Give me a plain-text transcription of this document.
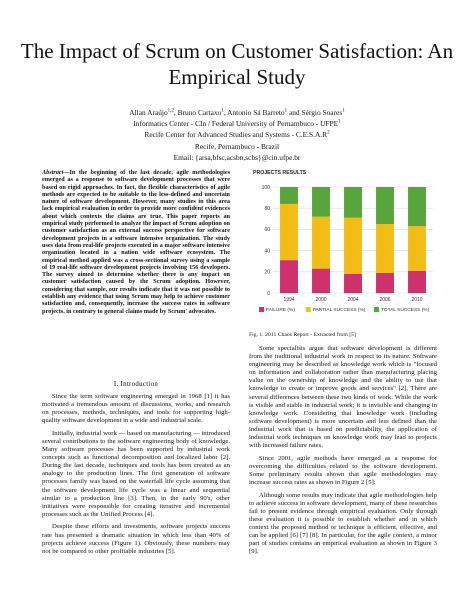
The Impact of Scrum on Customer Satisfaction: An Empirical Study
Allan Araújo$^{1,2}$, Bruno Cartaxo$^1$, Antonio Sá Barreto$^1$ and Sérgio Soares$^1$
Informatics Center - CIn / Federal University of Pernambuco - UFPE$^1$
Recife Center for Advanced Studies and Systems - $C.E.S.A.R^2$
Recife, Pernambuco - Brazil
Email: {arsa,bfsc,acsbn,scbs}@cin.ufpe.br
Abstract—In the beginning of the last decade, agile methodologies emerged as a response to software development processes that were based on rigid approaches. In fact, the flexible characteristics of agile methods are expected to be suitable to the less-defined and uncertain nature of software development. However, many studies in this area lack empirical evaluation in order to provide more confident evidences about which contexts the claims are true. This paper reports an empirical study performed to analyze the impact of Scrum adoption on customer satisfaction as an external success perspective for software development projects in a software intensive organization. The study uses data from real-life projects executed in a major software intensive organization located in a nation wide software ecosystem. The empirical method applied was a cross-sectional survey using a sample of 19 real-life software development projects involving 156 developers. The survey aimed to determine whether there is any impact on customer satisfaction caused by the Scrum adoption. However, considering that sample, our results indicate that it was not possible to establish any evidence that using Scrum may help to achieve customer satisfaction and, consequently, increase the success rates in software projects, in contrary to general claims made by Scrum' advocates.
I. Introduction

Since the term software engineering emerged in 1968 [1] it has motivated a tremendous amount of discussions, works, and research on processes, methods, techniques, and tools for supporting high-quality software development in a wide and industrial scale.

Initially, industrial work — based on manufacturing — introduced several contributions to the software engineering body of knowledge. Many software processes has been supported by industrial work concepts such as functional decomposition and localized labor [2]. During the last decade, techniques and tools has been created as an analogy to the production lines. The first generation of software processes family was based on the waterfall life cycle assuming that the software development life cycle was a linear and sequential similar to a production line [3]. Then, in the early 90's, other initiatives were responsible for creating iterative and incremental processes such as the Unified Process [4].

Despite these efforts and investments, software projects success rate has presented a dramatic situation in which less than 40% of projects achieve success (Figure 1). Obviously, these numbers may not be compared to other profitable industries [5].

PROJECTS RESULTS
0
20
40
60
80
100
1994	2000	2004	2006	2010
FAILURE (%)	PARTIAL SUCCESS (%)	TOTAL SUCCESS (%)
Fig. 1. 2011 Chaos Report - Extracted from [5]

Some specialists argue that software development is different from the traditional industrial work in respect to its nature. Software engineering may be described as knowledge work which is "focused on information and collaboration rather than manufacturing placing value on the ownership of knowledge and the ability to use that knowledge to create or improve goods and services" [2]. There are several differences between these two kinds of work. While the work is visible and stable in industrial work; it is invisible and changing in knowledge work. Considering that knowledge work (including software development) is more uncertain and less defined than the industrial work that is based on predictability, the application of industrial work techniques on knowledge work may lead to projects with increased failure rates.

Since 2001, agile methods have emerged as a response for overcoming the difficulties related to the software development. Some preliminary results shown that agile methodologies may increase success rates as shown in Figure 2 [5]:

Although some results may indicate that agile methodologies help to achieve success in software development, many of these researches fail to present evidence through empirical evaluation. Only through these evaluation it is possible to establish whether and in which context the proposed method or technique is efficient, effective, and can be applied [6] [7] [8]. In particular, for the agile context, a minor part of studies contains an empirical evaluation as shown in Figure 3 [9].
